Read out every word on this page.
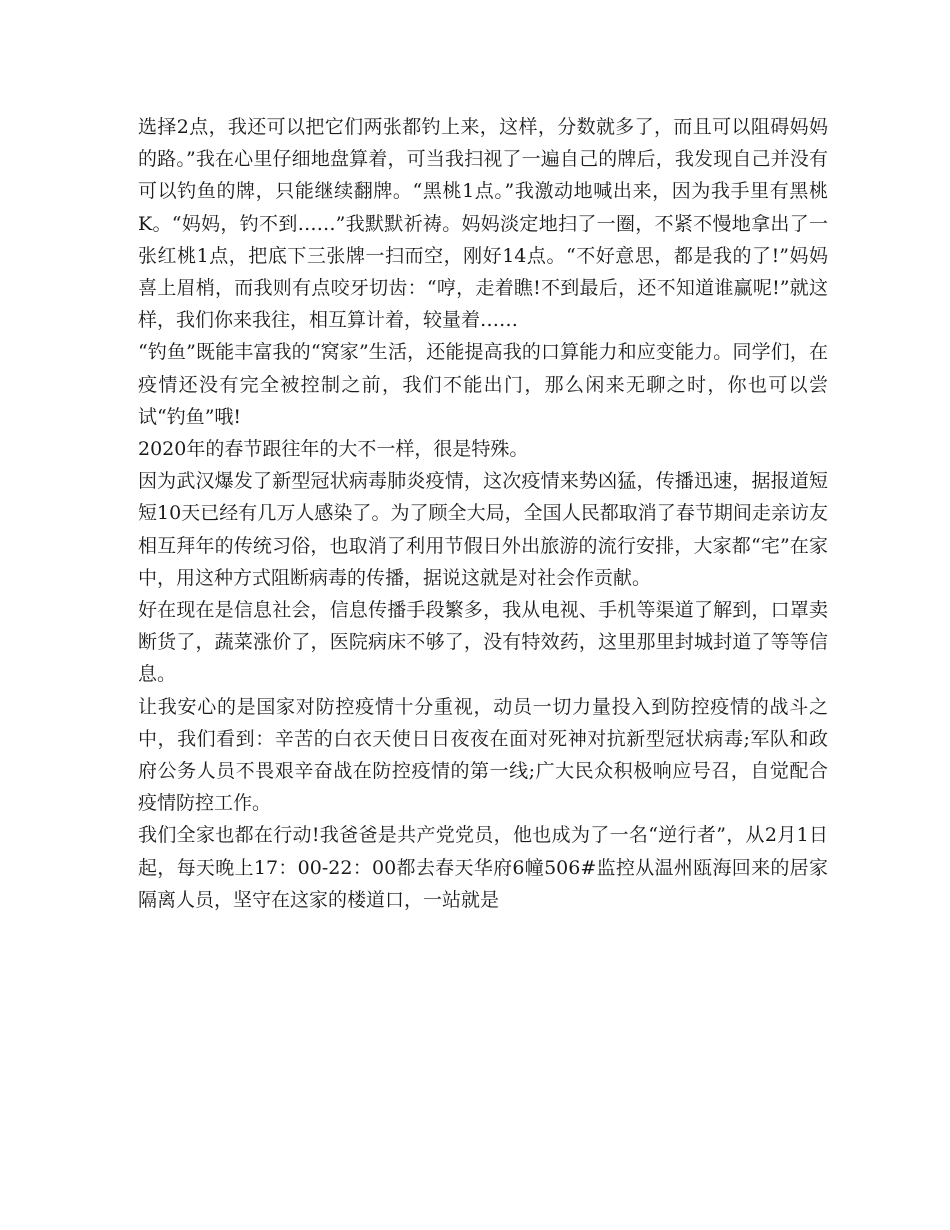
选择2点，我还可以把它们两张都钓上来，这样，分数就多了，而且可以阻碍妈妈的路。”我在心里仔细地盘算着，可当我扫视了一遍自己的牌后，我发现自己并没有可以钓鱼的牌，只能继续翻牌。“黑桃1点。”我激动地喊出来，因为我手里有黑桃K。“妈妈，钓不到……”我默默祈祷。妈妈淡定地扫了一圈，不紧不慢地拿出了一张红桃1点，把底下三张牌一扫而空，刚好14点。“不好意思，都是我的了!”妈妈喜上眉梢，而我则有点咬牙切齿：“哼，走着瞧!不到最后，还不知道谁赢呢!”就这样，我们你来我往，相互算计着，较量着……

“钓鱼”既能丰富我的“窝家”生活，还能提高我的口算能力和应变能力。同学们，在疫情还没有完全被控制之前，我们不能出门，那么闲来无聊之时，你也可以尝试“钓鱼”哦!

2020年的春节跟往年的大不一样，很是特殊。

因为武汉爆发了新型冠状病毒肺炎疫情，这次疫情来势凶猛，传播迅速，据报道短短10天已经有几万人感染了。为了顾全大局，全国人民都取消了春节期间走亲访友相互拜年的传统习俗，也取消了利用节假日外出旅游的流行安排，大家都“宅”在家中，用这种方式阻断病毒的传播，据说这就是对社会作贡献。

好在现在是信息社会，信息传播手段繁多，我从电视、手机等渠道了解到，口罩卖断货了，蔬菜涨价了，医院病床不够了，没有特效药，这里那里封城封道了等等信息。

让我安心的是国家对防控疫情十分重视，动员一切力量投入到防控疫情的战斗之中，我们看到：辛苦的白衣天使日日夜夜在面对死神对抗新型冠状病毒;军队和政府公务人员不畏艰辛奋战在防控疫情的第一线;广大民众积极响应号召，自觉配合疫情防控工作。

我们全家也都在行动!我爸爸是共产党党员，他也成为了一名“逆行者”，从2月1日起，每天晚上17：00-22：00都去春天华府6幢506#监控从温州瓯海回来的居家隔离人员，坚守在这家的楼道口，一站就是
